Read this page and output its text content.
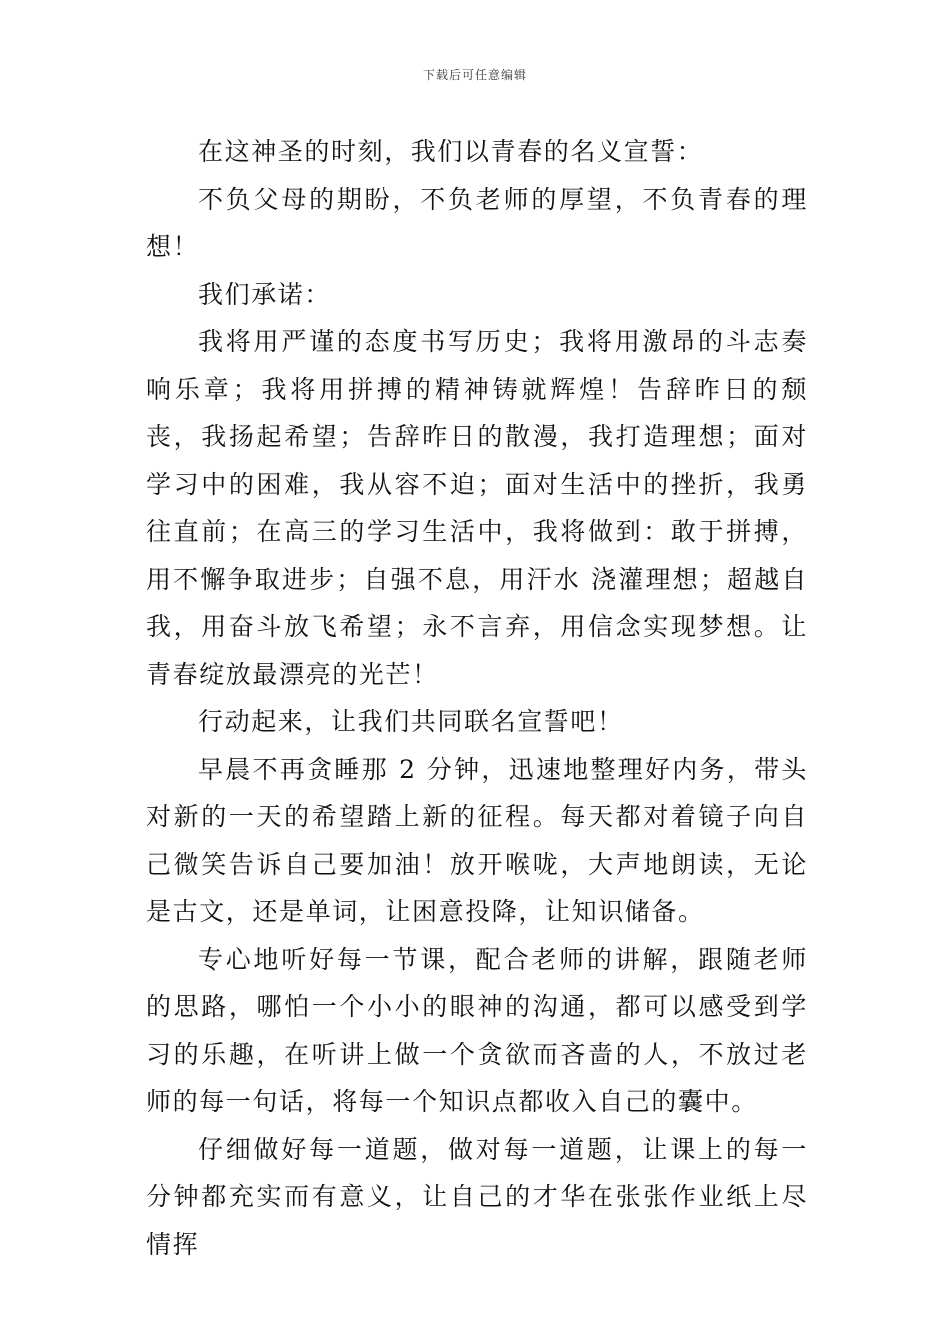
下载后可任意编辑

在这神圣的时刻，我们以青春的名义宣誓：

不负父母的期盼，不负老师的厚望，不负青春的理想！

我们承诺：

我将用严谨的态度书写历史；我将用激昂的斗志奏响乐章；我将用拼搏的精神铸就辉煌！告辞昨日的颓丧，我扬起希望；告辞昨日的散漫，我打造理想；面对学习中的困难，我从容不迫；面对生活中的挫折，我勇往直前；在高三的学习生活中，我将做到：敢于拼搏，用不懈争取进步；自强不息，用汗水 浇灌理想；超越自我，用奋斗放飞希望；永不言弃，用信念实现梦想。让青春绽放最漂亮的光芒！

行动起来，让我们共同联名宣誓吧！

早晨不再贪睡那 2 分钟，迅速地整理好内务，带头对新的一天的希望踏上新的征程。每天都对着镜子向自己微笑告诉自己要加油！放开喉咙，大声地朗读，无论是古文，还是单词，让困意投降，让知识储备。

专心地听好每一节课，配合老师的讲解，跟随老师的思路，哪怕一个小小的眼神的沟通，都可以感受到学习的乐趣，在听讲上做一个贪欲而吝啬的人，不放过老师的每一句话，将每一个知识点都收入自己的囊中。

仔细做好每一道题，做对每一道题，让课上的每一分钟都充实而有意义，让自己的才华在张张作业纸上尽情挥
